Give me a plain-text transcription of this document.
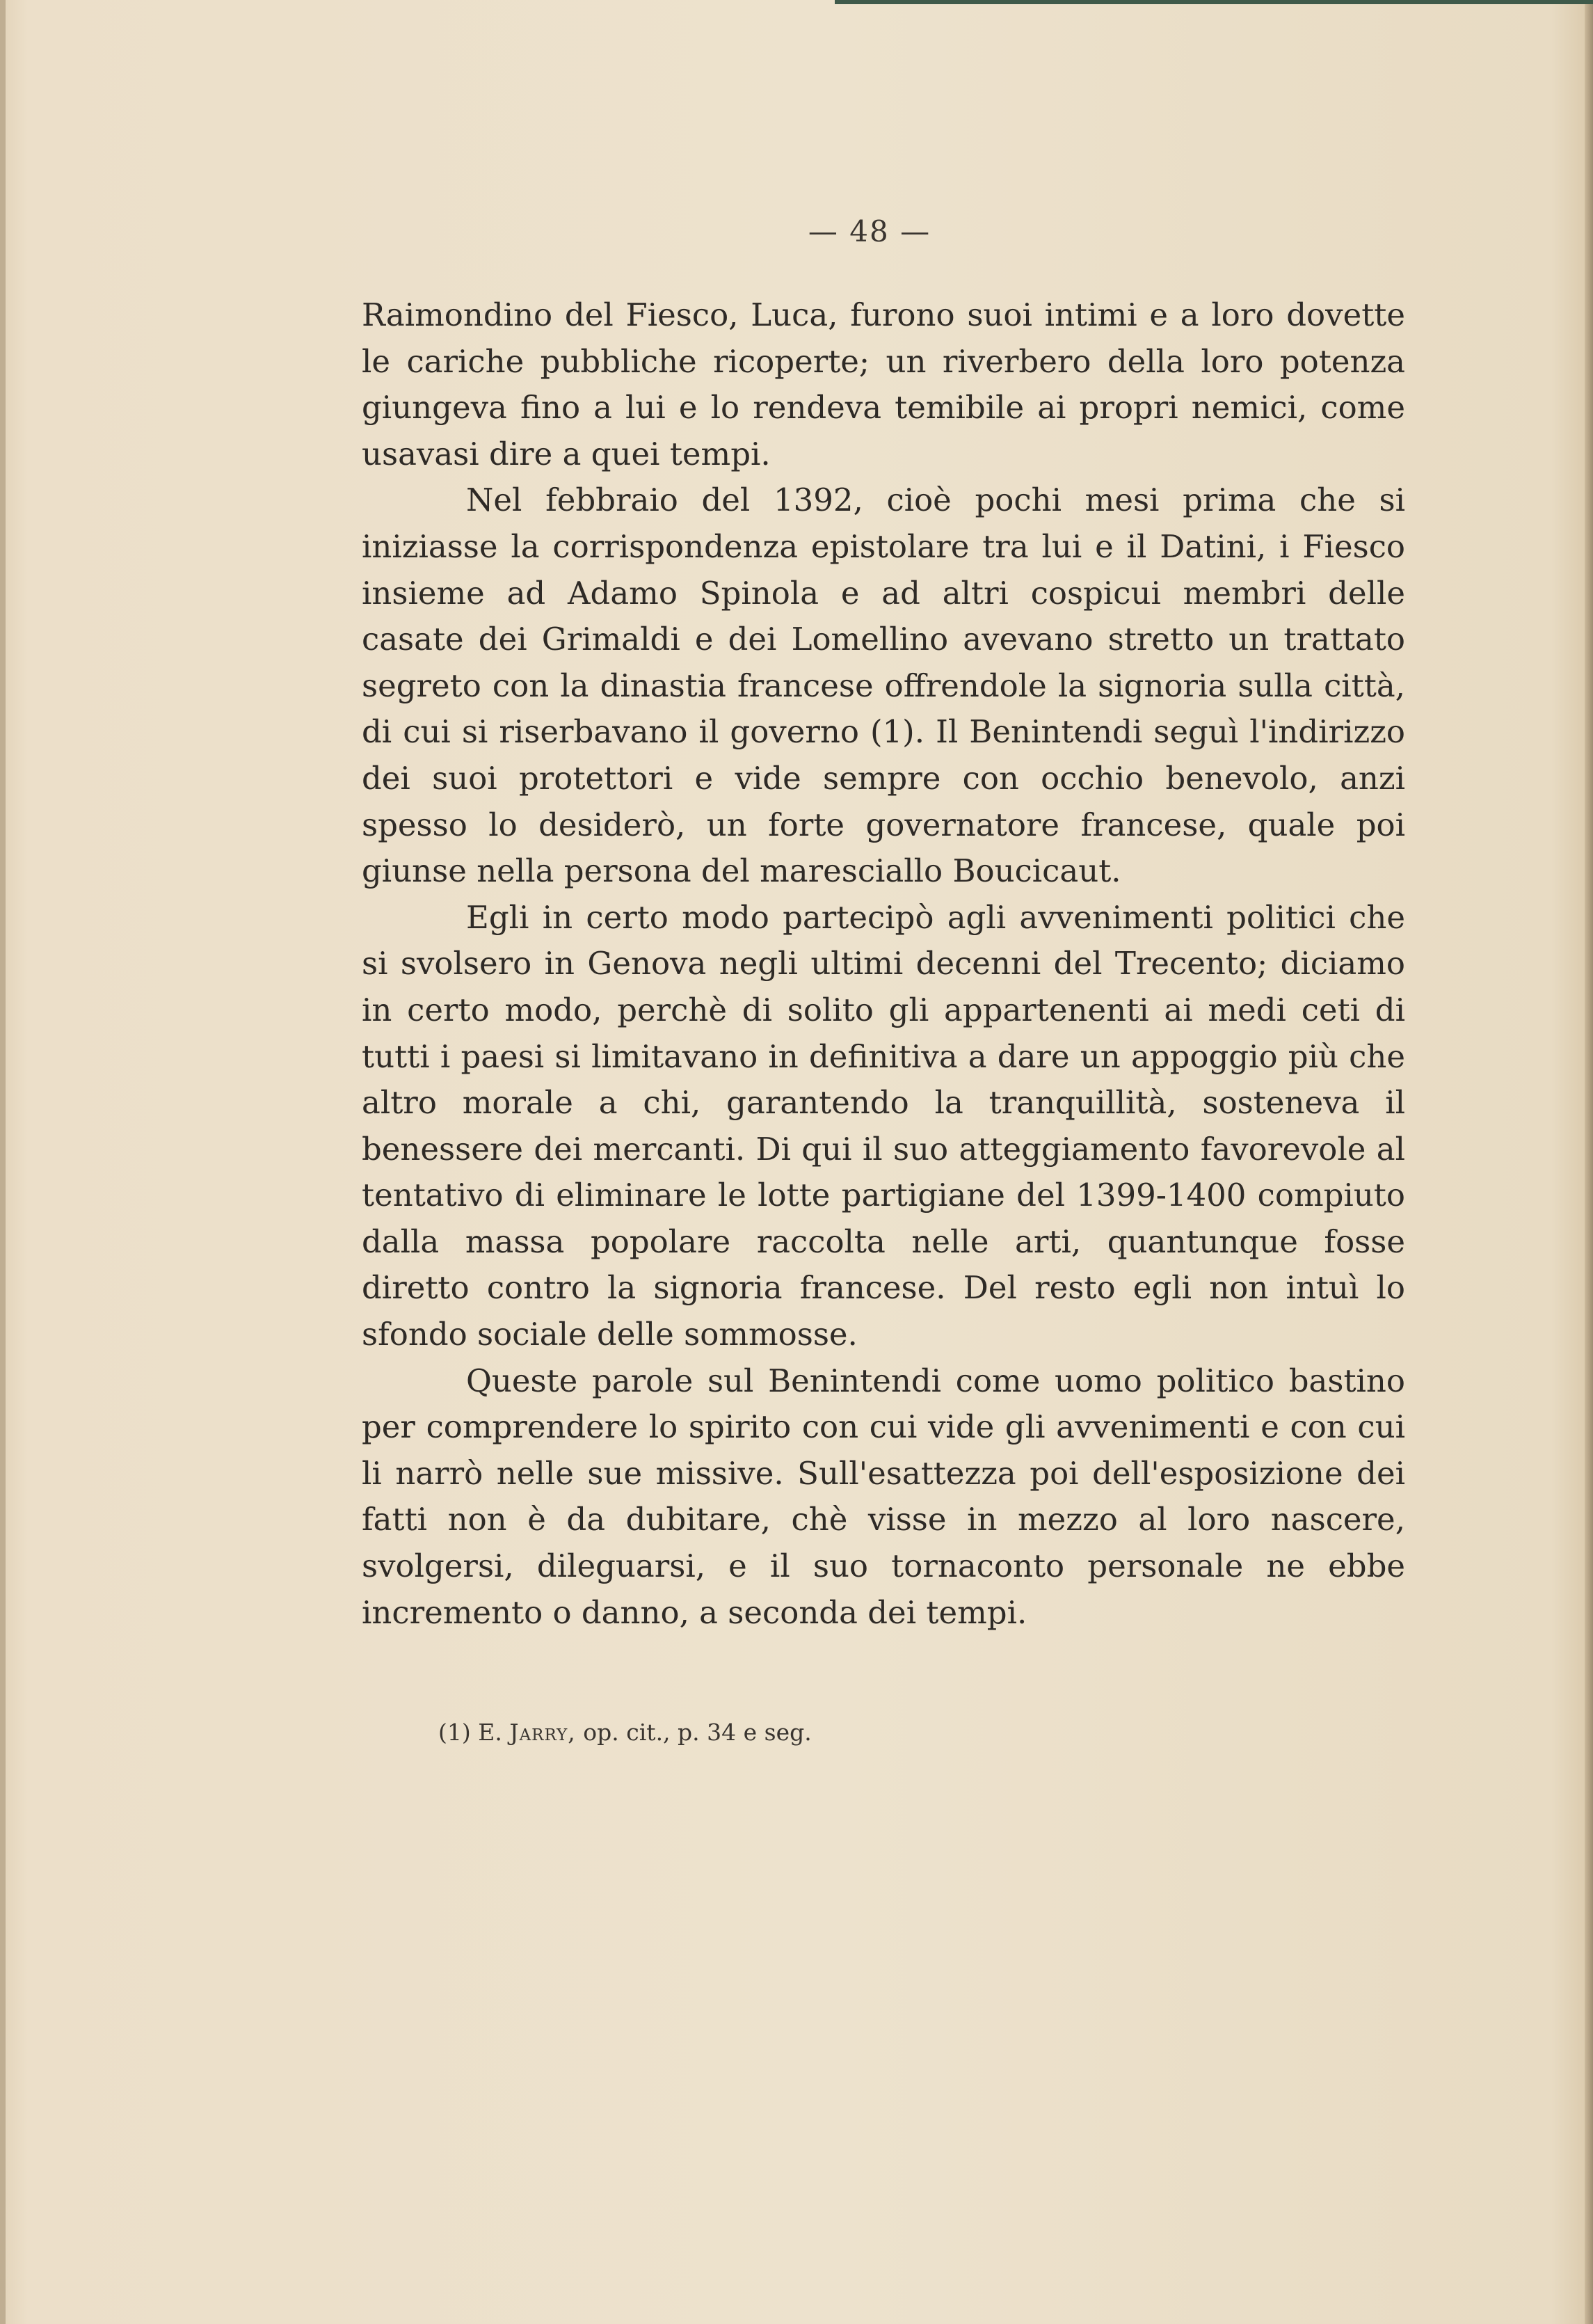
— 48 —

Raimondino del Fiesco, Luca, furono suoi intimi e a loro dovette le cariche pubbliche ricoperte; un riverbero della loro potenza giungeva fino a lui e lo rendeva temibile ai propri nemici, come usavasi dire a quei tempi.

Nel febbraio del 1392, cioè pochi mesi prima che si iniziasse la corrispondenza epistolare tra lui e il Datini, i Fiesco insieme ad Adamo Spinola e ad altri cospicui membri delle casate dei Grimaldi e dei Lomellino avevano stretto un trattato segreto con la dinastia francese offrendole la signoria sulla città, di cui si riserbavano il governo (1). Il Benintendi seguì l'indirizzo dei suoi protettori e vide sempre con occhio benevolo, anzi spesso lo desiderò, un forte governatore francese, quale poi giunse nella persona del maresciallo Boucicaut.

Egli in certo modo partecipò agli avvenimenti politici che si svolsero in Genova negli ultimi decenni del Trecento; diciamo in certo modo, perchè di solito gli appartenenti ai medi ceti di tutti i paesi si limitavano in definitiva a dare un appoggio più che altro morale a chi, garantendo la tranquillità, sosteneva il benessere dei mercanti. Di qui il suo atteggiamento favorevole al tentativo di eliminare le lotte partigiane del 1399-1400 compiuto dalla massa popolare raccolta nelle arti, quantunque fosse diretto contro la signoria francese. Del resto egli non intuì lo sfondo sociale delle sommosse.

Queste parole sul Benintendi come uomo politico bastino per comprendere lo spirito con cui vide gli avvenimenti e con cui li narrò nelle sue missive. Sull'esattezza poi dell'esposizione dei fatti non è da dubitare, chè visse in mezzo al loro nascere, svolgersi, dileguarsi, e il suo tornaconto personale ne ebbe incremento o danno, a seconda dei tempi.

(1) E. Jarry, op. cit., p. 34 e seg.
